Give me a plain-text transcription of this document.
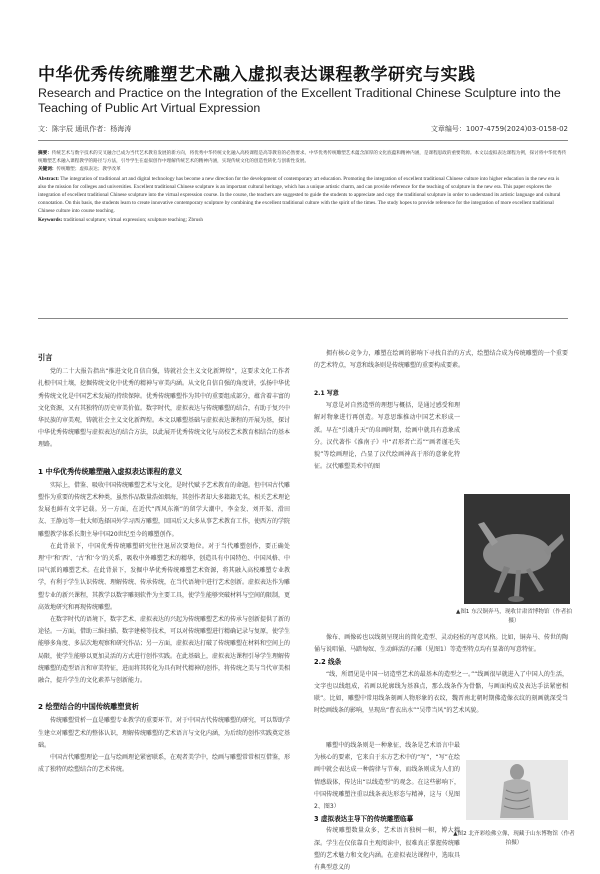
中华优秀传统雕塑艺术融入虚拟表达课程教学研究与实践
Research and Practice on the Integration of the Excellent Traditional Chinese Sculpture into the Teaching of Public Art Virtual Expression
文：陈宇辰 通讯作者：杨海涛	文章编号：1007-4759(2024)03-0158-02

摘要：传统艺术与数字技术的交叉融合已成为当代艺术教育发展的新方向，将优秀中华传统文化融入高校课程是高等教育的必然要求。中华优秀传统雕塑艺术蕴含深厚的文化底蕴和精神内涵，是课程思政的重要资源。本文以虚拟表达课程为例，探讨将中华优秀传统雕塑艺术融入课程教学的路径与方法，引导学生在虚拟创作中理解传统艺术的精神内涵，实现传统文化的创造性转化与创新性发展。

关键词：传统雕塑；虚拟表达；教学改革

Abstract: The integration of traditional art and digital technology has become a new direction for the development of contemporary art education. Promoting the integration of excellent traditional Chinese culture into higher education in the new era is also the mission for colleges and universities. Excellent traditional Chinese sculpture is an important cultural heritage, which has a unique artistic charm, and can provide reference for the teaching of sculpture in the new era. This paper explores the integration of excellent traditional Chinese sculpture into the virtual expression course. In the course, the teachers are suggested to guide the students to appreciate and copy the traditional sculpture in order to understand its artistic language and cultural connotation. On this basis, the students learn to create innovative contemporary sculpture by combining the excellent traditional culture with the spirit of the times. The study hopes to provide reference for the integration of more excellent traditional Chinese culture into course teaching.

Keywords: traditional sculpture; virtual expression; sculpture teaching; Zbrush

引言

党的二十大报告指出“推进文化自信自强，铸就社会主义文化新辉煌”，这要求文化工作者扎根中国土壤，挖掘传统文化中优秀的精神与审美内涵。从文化自信自强的角度讲，弘扬中华优秀传统文化是中国艺术发展的持续保障。优秀传统雕塑作为其中的重要组成部分，蕴含着丰富的文化资源，又有其独特的历史审美价值。数字时代，虚拟表达与传统雕塑的结合，有助于复兴中华民族的审美观，铸就社会主义文化新辉煌。本文以雕塑基础与虚拟表达课程的开展为基，探讨中华优秀传统雕塑与虚拟表达的结合方法，以此展开优秀传统文化与高校艺术教育相结合的基本理路。

1 中华优秀传统雕塑融入虚拟表达课程的意义

实际上，借鉴、吸收中国传统雕塑艺术与文化，是时代赋予艺术教育的命题。但中国古代雕塑作为重要的传统艺术种类，虽然作品数量浩如烟海，其创作者却大多籍籍无名，相关艺术理论发展也鲜有文字记载。另一方面，在近代“西风东渐”的留学大潮中，李金发、刘开渠、滑田友、王静远等一批大师选择国外学习西方雕塑，回国后又大多从事艺术教育工作，使西方的学院雕塑教学体系长期主导中国20世纪至今的雕塑创作。

在此背景下，中国优秀传统雕塑研究往往退居次要地位。对于当代雕塑创作，要正确处理‘中’和‘西’、‘古’和‘今’的关系，吸收中外雕塑艺术的精华，创造具有中国特色、中国风格、中国气派的雕塑艺术。在此背景下，发掘中华优秀传统雕塑艺术资源，将其融入高校雕塑专业教学，有利于学生认识传统、理解传统、传承传统，在当代语境中进行艺术创新。虚拟表达作为雕塑专业的新兴课程，其教学以数字雕刻软件为主要工具，使学生能够突破材料与空间的限制，更高效地研究和再现传统雕塑。

在数字时代的语境下，数字艺术、虚拟表达的兴起为传统雕塑艺术的传承与创新提供了新的途径。一方面，借助三维扫描、数字建模等技术，可以对传统雕塑进行精确记录与复原，使学生能够多角度、多层次地观察和研究作品；另一方面，虚拟表达打破了传统雕塑在材料和空间上的局限，使学生能够以更加灵活的方式进行创作实践。在此基础上，虚拟表达课程引导学生理解传统雕塑的造型语言和审美特征，进而将其转化为具有时代精神的创作，将传统之美与当代审美相融合，提升学生的文化素养与创新能力。

2 绘塑结合的中国传统雕塑赏析

传统雕塑赏析一直是雕塑专业教学的重要环节。对于中国古代传统雕塑的研究，可以帮助学生建立对雕塑艺术的整体认识，理解传统雕塑的艺术语言与文化内涵，为后续的创作实践奠定基础。

中国古代雕塑理论一直与绘画理论紧密联系，在观者美学中，绘画与雕塑常常相互借鉴，形成了独特的绘塑结合的艺术传统。

拥有核心竞争力，雕塑在绘画的影响下寻找自治的方式，绘塑结合成为传统雕塑的一个重要的艺术特点，写意和线条则是传统雕塑的重要构成要素。

2.1 写意

写意是对自然造型的理想与概括，是通过感受和理解对物象进行再创造。写意思维推动中国艺术形成一派。早在“引魂升天”的帛画时期，绘画中就具有意象成分。汉代著作《淮南子》中“君形者亡焉”“画者谨毛失貌”等绘画理论，凸显了汉代绘画神高于形的意象化特征。汉代雕塑美术中的图

▲图1 东汉铜奔马，现收甘肃省博物馆（作者拍摄）

像布、画像砖也以线刻呈现出的简化造型、灵动轻松的写意风格。比如，铜奔马、传世的陶俑与说唱俑、马踏匈奴、生动鲜活的石雕（见图1）等造型特点均有显著的写意特征。

2.2 线条

“线，所谓见是中国一切造型艺术的最基本的造型之一。”“线画很早就进入了中国人的生活，文字也以线组成，若画以轮廓线为基准点，那么线条作为骨骼，与画面构成及表达手法紧密相联”。比如，雕塑中常用线条刻画人物形象的衣纹，魏晋南北朝时期佛造像衣纹的刻画就深受当时绘画线条的影响，呈现出“曹衣出水”“吴带当风”的艺术风貌。

雕塑中的线条则是一种象征，线条是艺术语言中最为核心的要素，它来自于东方艺术中的“写”，“写”在绘画中就会表达成一种韵律与节奏，而线条则成为人们的情感载体，传达出“以线造型”的观念。在这些影响下，中国传统雕塑注重以线条表达形态与精神，这与（见图2、图3）

3 虚拟表达主导下的传统雕塑临摹

传统雕塑数量众多，艺术语言独树一帜，博大精深。学生在仅依靠自主观阅读中，很难真正掌握传统雕塑的艺术魅力和文化内涵。在虚拟表达课程中，选取具有典型意义的

▲图2 北齐彩绘佛立像，现藏于山东博物馆（作者拍摄）
